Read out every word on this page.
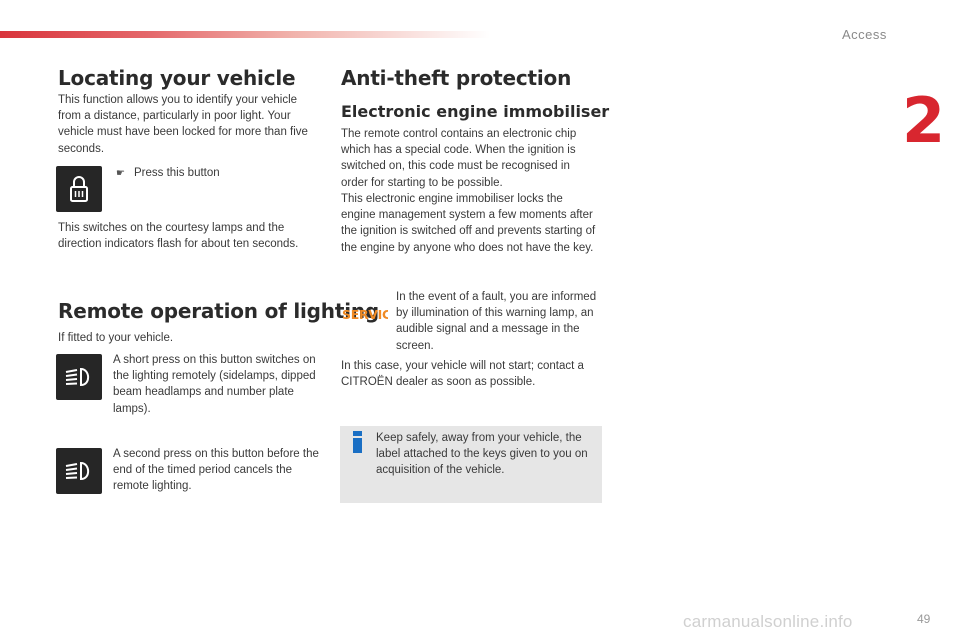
Access
2
Locating your vehicle
This function allows you to identify your vehicle from a distance, particularly in poor light. Your vehicle must have been locked for more than five seconds.
☛ Press this button
This switches on the courtesy lamps and the direction indicators flash for about ten seconds.
Remote operation of lighting
If fitted to your vehicle.
A short press on this button switches on the lighting remotely (sidelamps, dipped beam headlamps and number plate lamps).
A second press on this button before the end of the timed period cancels the remote lighting.
Anti-theft protection
Electronic engine immobiliser
The remote control contains an electronic chip which has a special code. When the ignition is switched on, this code must be recognised in order for starting to be possible.
This electronic engine immobiliser locks the engine management system a few moments after the ignition is switched off and prevents starting of the engine by anyone who does not have the key.
SERVIC
In the event of a fault, you are informed by illumination of this warning lamp, an audible signal and a message in the screen.
In this case, your vehicle will not start; contact a CITROËN dealer as soon as possible.
Keep safely, away from your vehicle, the label attached to the keys given to you on acquisition of the vehicle.
carmanualsonline.info	49
